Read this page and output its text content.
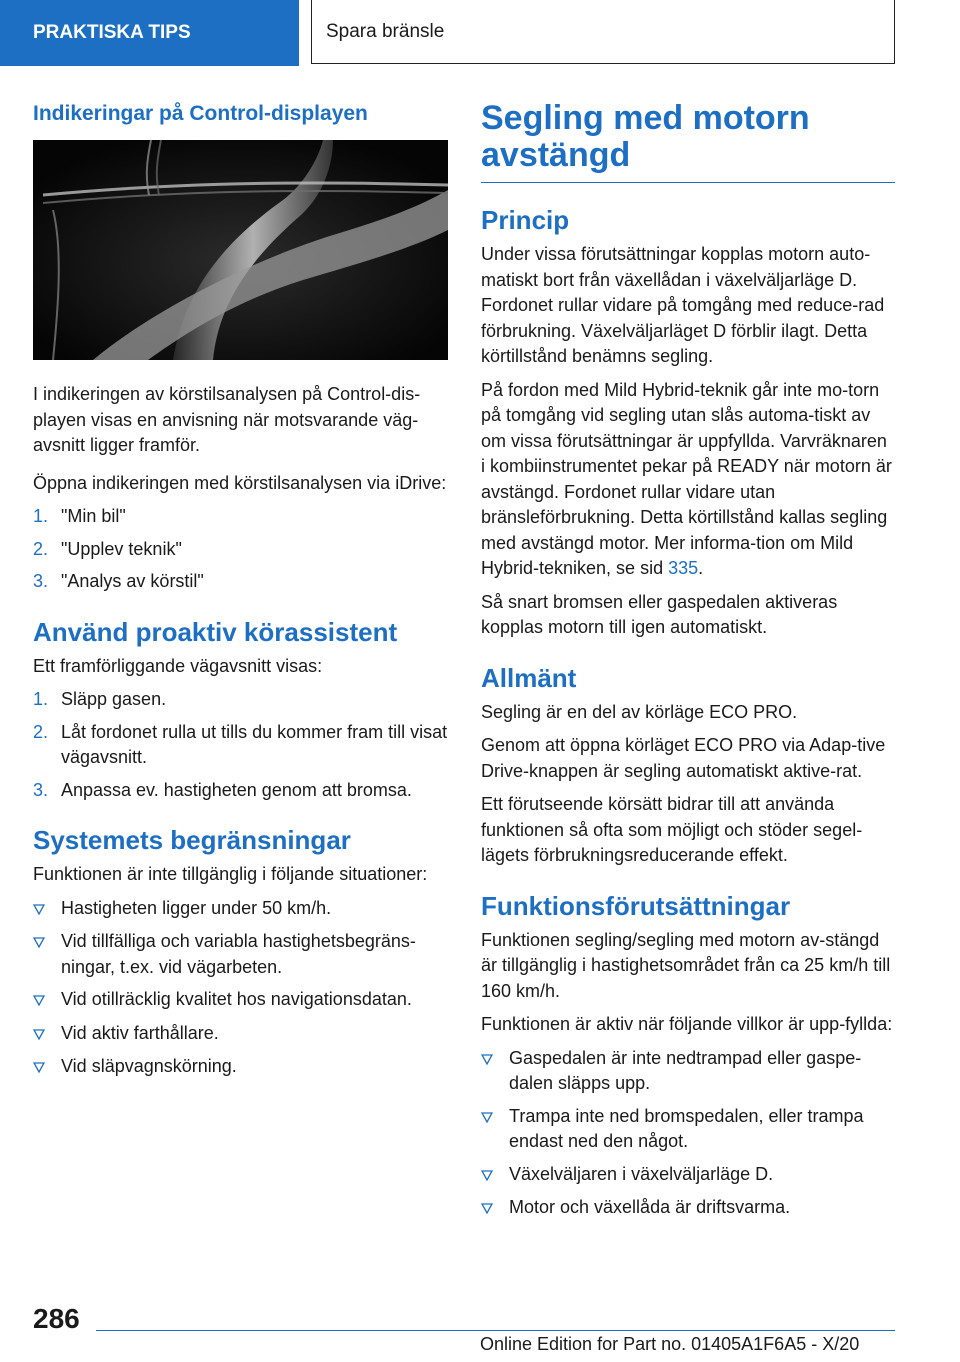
PRAKTISKA TIPS	Spara bränsle
Indikeringar på Control-displayen

I indikeringen av körstilsanalysen på Control-dis-playen visas en anvisning när motsvarande väg-avsnitt ligger framför.

Öppna indikeringen med körstilsanalysen via iDrive:

1. "Min bil"
2. "Upplev teknik"
3. "Analys av körstil"
Använd proaktiv körassistent

Ett framförliggande vägavsnitt visas:

1. Släpp gasen.
2. Låt fordonet rulla ut tills du kommer fram till visat vägavsnitt.
3. Anpassa ev. hastigheten genom att bromsa.
Systemets begränsningar

Funktionen är inte tillgänglig i följande situationer:

Hastigheten ligger under 50 km/h.
Vid tillfälliga och variabla hastighetsbegräns-ningar, t.ex. vid vägarbeten.
Vid otillräcklig kvalitet hos navigationsdatan.
Vid aktiv farthållare.
Vid släpvagnskörning.
Segling med motorn avstängd
Princip

Under vissa förutsättningar kopplas motorn auto-matiskt bort från växellådan i växelväljarläge D. Fordonet rullar vidare på tomgång med reduce-rad förbrukning. Växelväljarläget D förblir ilagt. Detta körtillstånd benämns segling.

På fordon med Mild Hybrid-teknik går inte mo-torn på tomgång vid segling utan slås automa-tiskt av om vissa förutsättningar är uppfyllda. Varvräknaren i kombiinstrumentet pekar på READY när motorn är avstängd. Fordonet rullar vidare utan bränsleförbrukning. Detta körtillstånd kallas segling med avstängd motor. Mer informa-tion om Mild Hybrid-tekniken, se sid 335.

Så snart bromsen eller gaspedalen aktiveras kopplas motorn till igen automatiskt.

Allmänt

Segling är en del av körläge ECO PRO.

Genom att öppna körläget ECO PRO via Adap-tive Drive-knappen är segling automatiskt aktive-rat.

Ett förutseende körsätt bidrar till att använda funktionen så ofta som möjligt och stöder segel-lägets förbrukningsreducerande effekt.

Funktionsförutsättningar

Funktionen segling/segling med motorn av-stängd är tillgänglig i hastighetsområdet från ca 25 km/h till 160 km/h.

Funktionen är aktiv när följande villkor är upp-fyllda:

Gaspedalen är inte nedtrampad eller gaspe-dalen släpps upp.
Trampa inte ned bromspedalen, eller trampa endast ned den något.
Växelväljaren i växelväljarläge D.
Motor och växellåda är driftsvarma.
286
Online Edition for Part no. 01405A1F6A5 - X/20
